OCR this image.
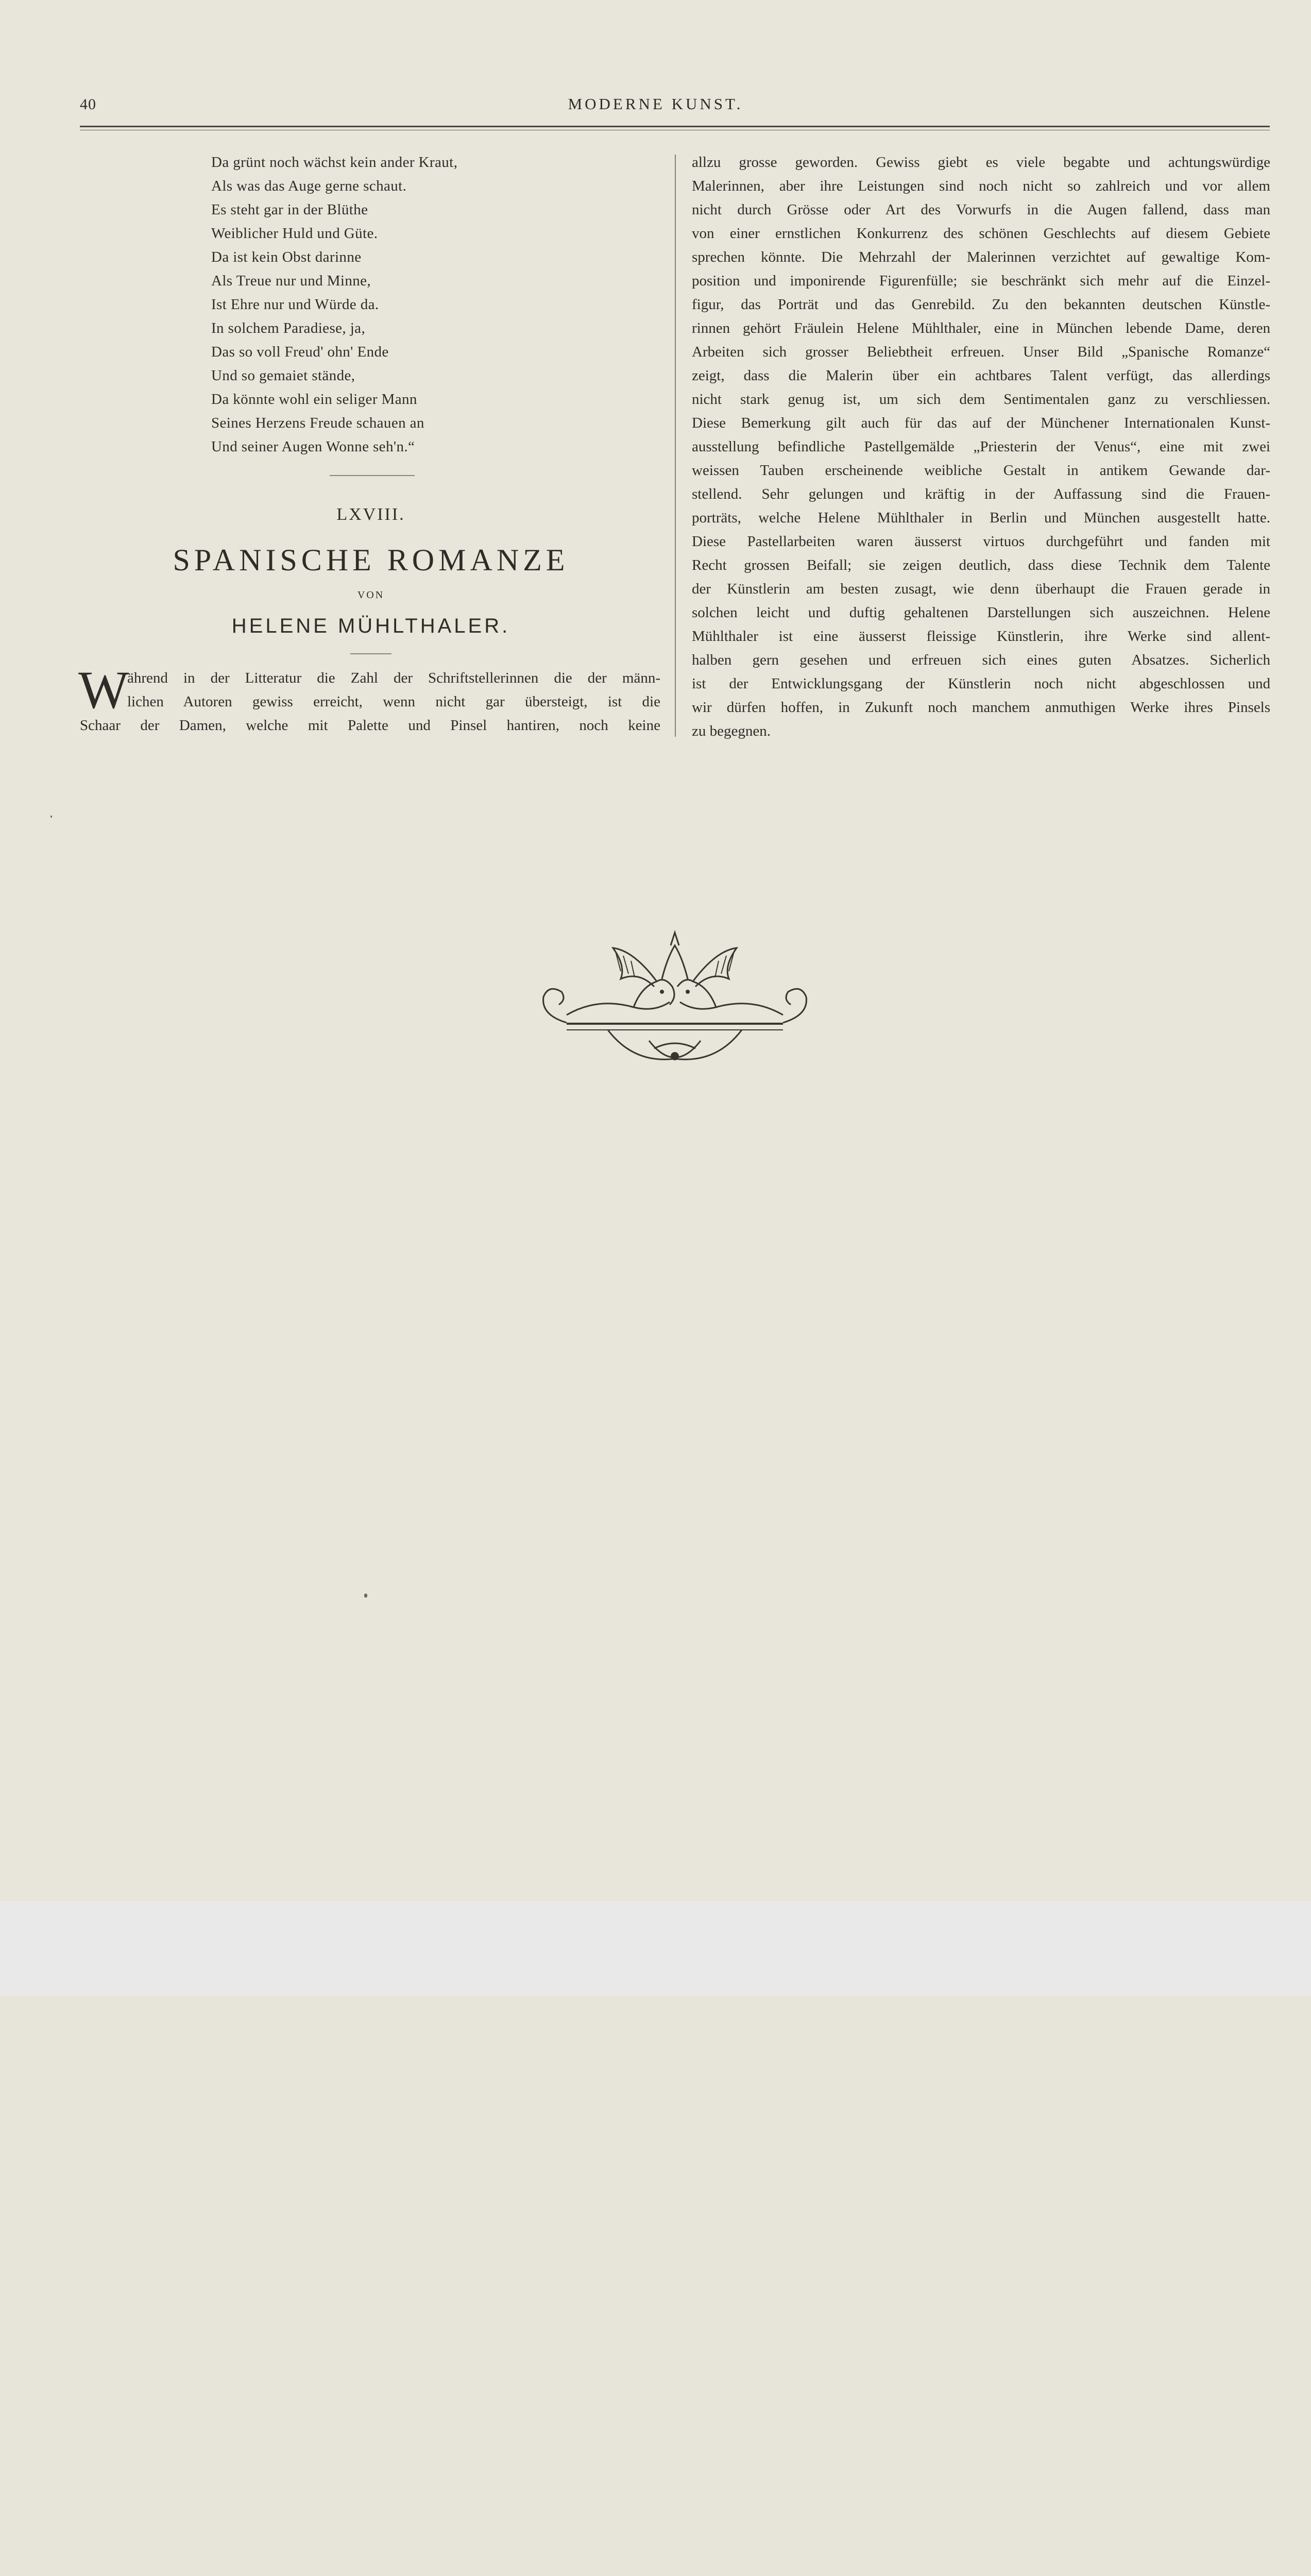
40	MODERNE KUNST.
Da grünt noch wächst kein ander Kraut,
Als was das Auge gerne schaut.
Es steht gar in der Blüthe
Weiblicher Huld und Güte.
Da ist kein Obst darinne
Als Treue nur und Minne,
Ist Ehre nur und Würde da.
In solchem Paradiese, ja,
Das so voll Freud' ohn' Ende
Und so gemaiet stände,
Da könnte wohl ein seliger Mann
Seines Herzens Freude schauen an
Und seiner Augen Wonne seh'n.“
LXVIII.
SPANISCHE ROMANZE
VON
HELENE MÜHLTHALER.
W

ährend in der Litteratur die Zahl der Schriftstellerinnen die der männ-
lichen Autoren gewiss erreicht, wenn nicht gar übersteigt, ist die
Schaar der Damen, welche mit Palette und Pinsel hantiren, noch keine

allzu grosse geworden. Gewiss giebt es viele begabte und achtungswürdige
Malerinnen, aber ihre Leistungen sind noch nicht so zahlreich und vor allem
nicht durch Grösse oder Art des Vorwurfs in die Augen fallend, dass man
von einer ernstlichen Konkurrenz des schönen Geschlechts auf diesem Gebiete
sprechen könnte. Die Mehrzahl der Malerinnen verzichtet auf gewaltige Kom-
position und imponirende Figurenfülle; sie beschränkt sich mehr auf die Einzel-
figur, das Porträt und das Genrebild. Zu den bekannten deutschen Künstle-
rinnen gehört Fräulein Helene Mühlthaler, eine in München lebende Dame, deren
Arbeiten sich grosser Beliebtheit erfreuen. Unser Bild „Spanische Romanze“
zeigt, dass die Malerin über ein achtbares Talent verfügt, das allerdings
nicht stark genug ist, um sich dem Sentimentalen ganz zu verschliessen.
Diese Bemerkung gilt auch für das auf der Münchener Internationalen Kunst-
ausstellung befindliche Pastellgemälde „Priesterin der Venus“, eine mit zwei
weissen Tauben erscheinende weibliche Gestalt in antikem Gewande dar-
stellend. Sehr gelungen und kräftig in der Auffassung sind die Frauen-
porträts, welche Helene Mühlthaler in Berlin und München ausgestellt hatte.
Diese Pastellarbeiten waren äusserst virtuos durchgeführt und fanden mit
Recht grossen Beifall; sie zeigen deutlich, dass diese Technik dem Talente
der Künstlerin am besten zusagt, wie denn überhaupt die Frauen gerade in
solchen leicht und duftig gehaltenen Darstellungen sich auszeichnen. Helene
Mühlthaler ist eine äusserst fleissige Künstlerin, ihre Werke sind allent-
halben gern gesehen und erfreuen sich eines guten Absatzes. Sicherlich
ist der Entwicklungsgang der Künstlerin noch nicht abgeschlossen und
wir dürfen hoffen, in Zukunft noch manchem anmuthigen Werke ihres Pinsels
zu begegnen.
